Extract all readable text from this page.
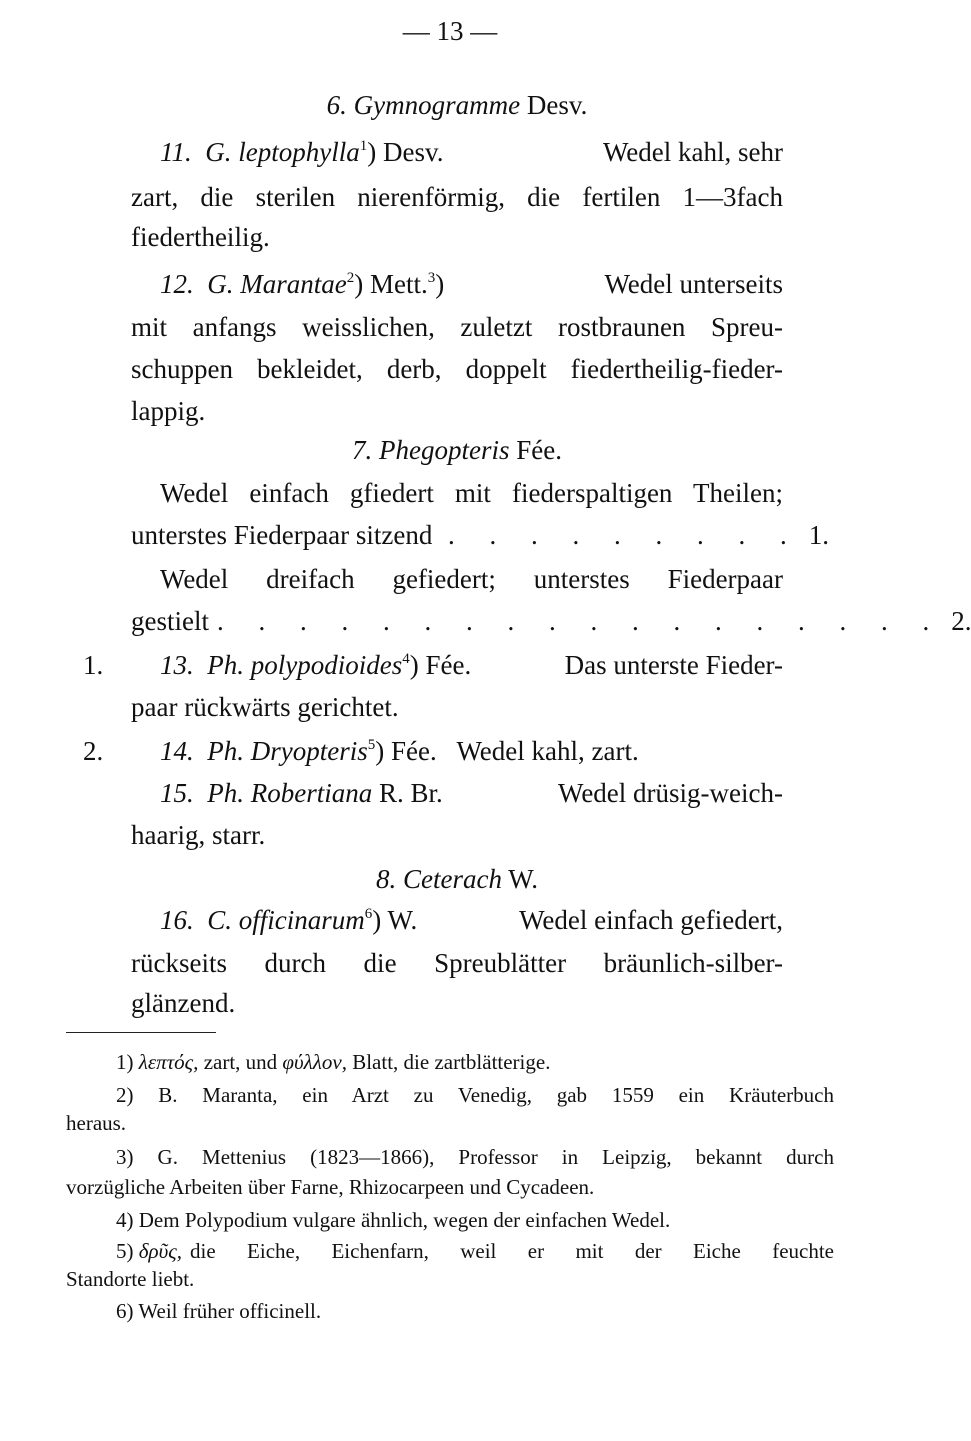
— 13 —
6. Gymnogramme Desv.
11. G. leptophylla$^1$) Desv.	Wedel kahl, sehr
zart, die sterilen nierenförmig, die fertilen 1—3fach
fiedertheilig.
12. G. Marantae$^2$) Mett.$^3$)	Wedel unterseits
mit anfangs weisslichen, zuletzt rostbraunen Spreu-
schuppen bekleidet, derb, doppelt fiedertheilig-fieder-
lappig.
7. Phegopteris Fée.
Wedel einfach gfiedert mit fiederspaltigen Theilen;
unterstes Fiederpaar sitzend . . . . . . . . . 1.
Wedel dreifach gefiedert; unterstes Fiederpaar
gestielt . . . . . . . . . . . . . . . . . . 2.
1. 13. Ph. polypodioides$^4$) Fée.	Das unterste Fieder-
paar rückwärts gerichtet.
2. 14. Ph. Dryopteris$^5$) Fée. Wedel kahl, zart.
15. Ph. Robertiana R. Br.	Wedel drüsig-weich-
haarig, starr.
8. Ceterach W.
16. C. officinarum$^6$) W.	Wedel einfach gefiedert,
rückseits durch die Spreublätter bräunlich-silber-
glänzend.
1) λεπτός, zart, und φύλλον, Blatt, die zartblätterige.
2) B. Maranta, ein Arzt zu Venedig, gab 1559 ein Kräuterbuch
heraus.
3) G. Mettenius (1823—1866), Professor in Leipzig, bekannt durch
vorzügliche Arbeiten über Farne, Rhizocarpeen und Cycadeen.
4) Dem Polypodium vulgare ähnlich, wegen der einfachen Wedel.
5)
δρῦς, die Eiche, Eichenfarn, weil er mit der Eiche feuchte
Standorte liebt.
6) Weil früher officinell.
